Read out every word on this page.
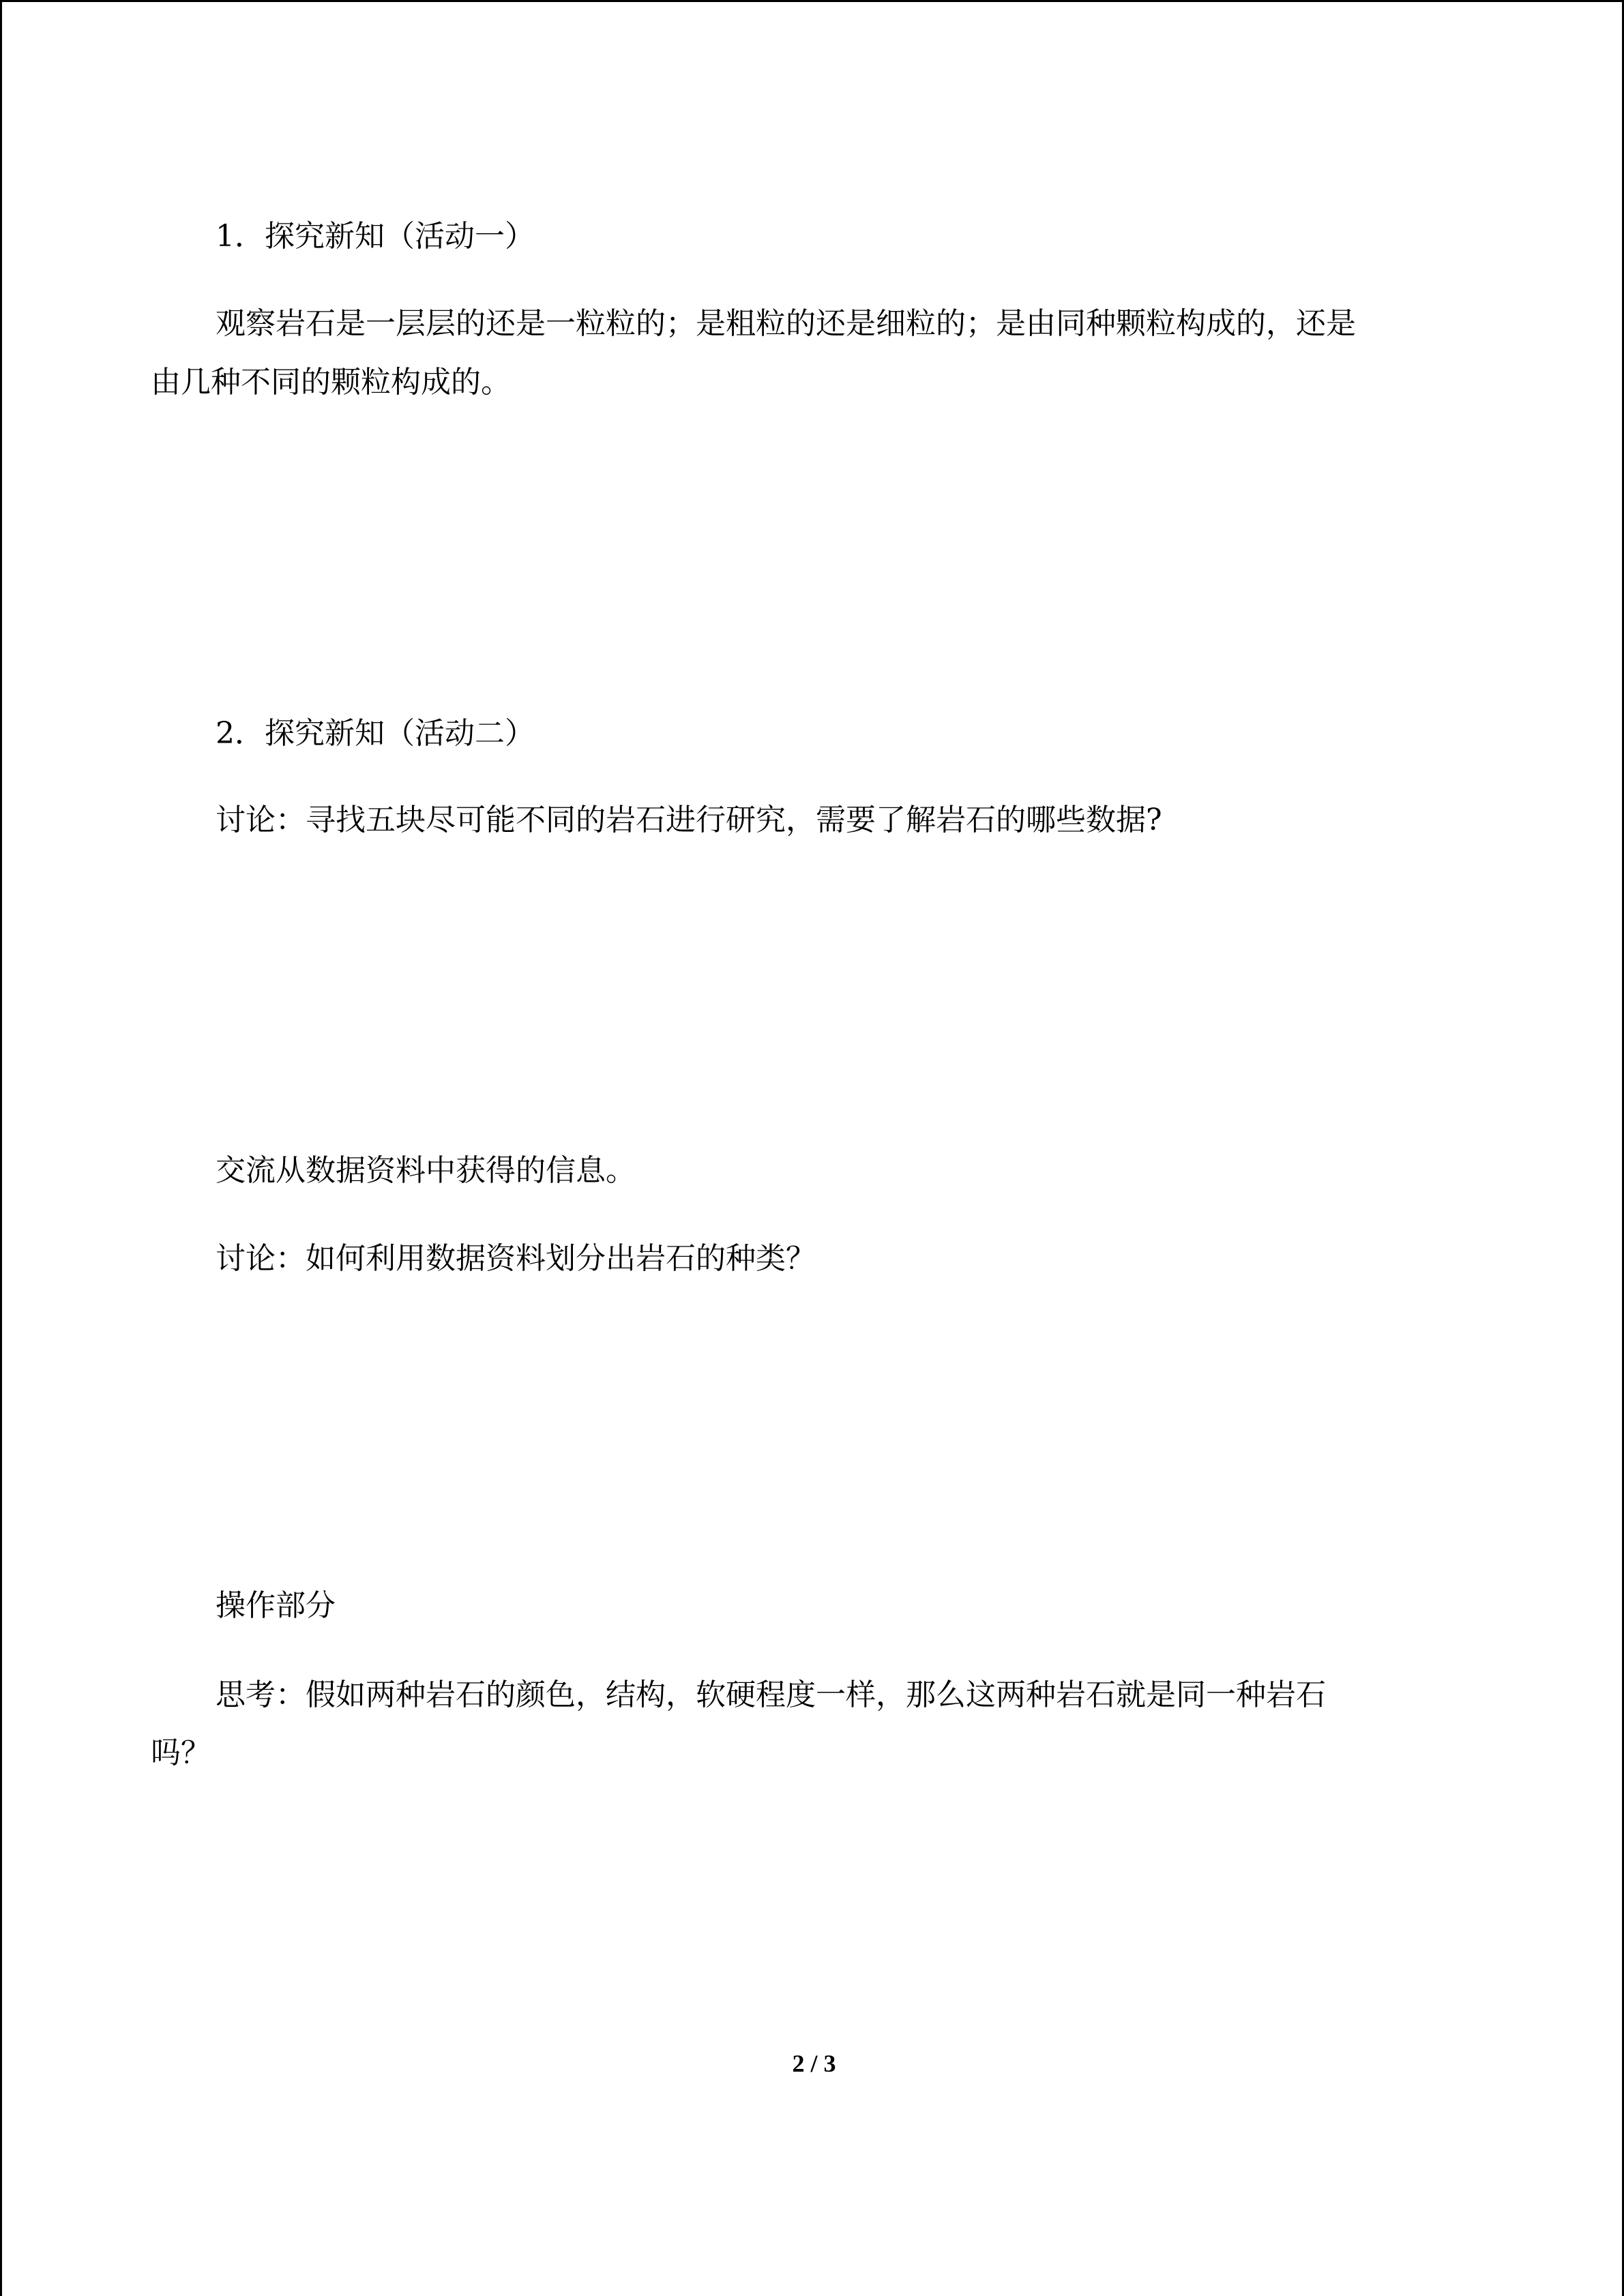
1．探究新知（活动一）

观察岩石是一层层的还是一粒粒的；是粗粒的还是细粒的；是由同种颗粒构成的，还是

由几种不同的颗粒构成的。

2．探究新知（活动二）

讨论：寻找五块尽可能不同的岩石进行研究，需要了解岩石的哪些数据?

交流从数据资料中获得的信息。

讨论：如何利用数据资料划分出岩石的种类？

操作部分

思考：假如两种岩石的颜色，结构，软硬程度一样，那么这两种岩石就是同一种岩石

吗？

2 / 3
